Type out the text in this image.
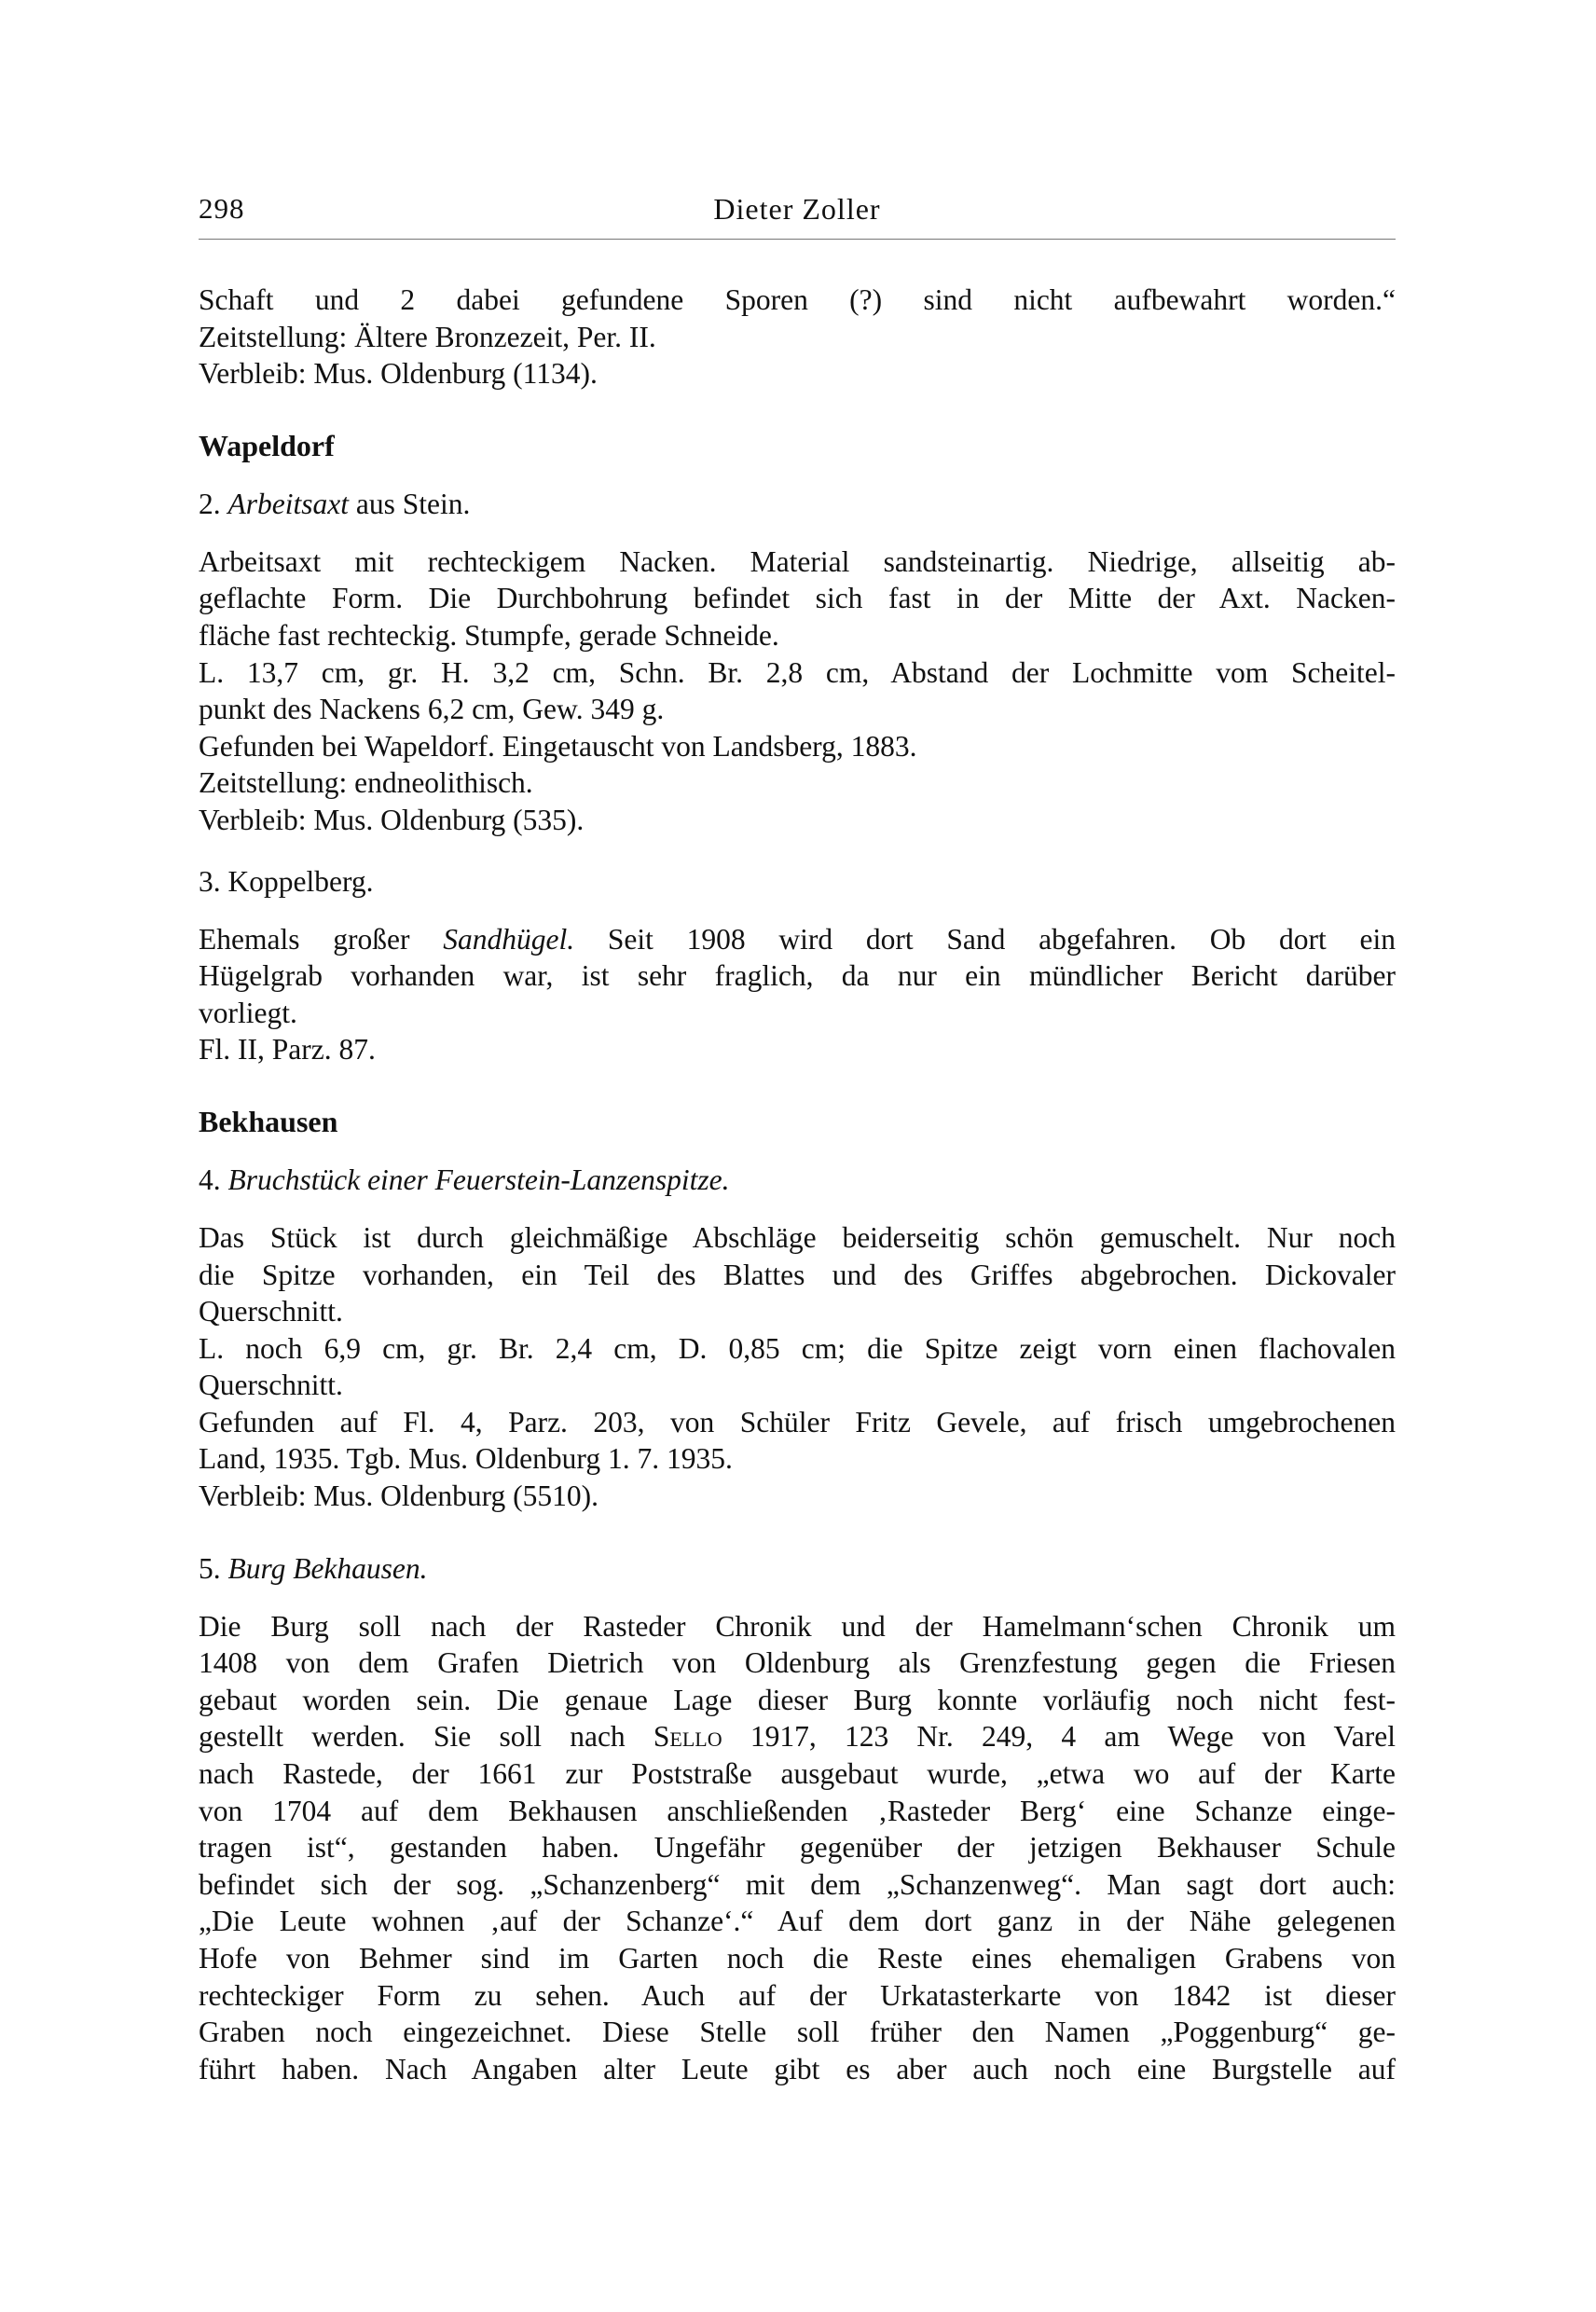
298	Dieter Zoller
Schaft und 2 dabei gefundene Sporen (?) sind nicht aufbewahrt worden.“
Zeitstellung: Ältere Bronzezeit, Per. II.
Verbleib: Mus. Oldenburg (1134).
Wapeldorf
2. Arbeitsaxt aus Stein.
Arbeitsaxt mit rechteckigem Nacken. Material sandsteinartig. Niedrige, allseitig ab-
geflachte Form. Die Durchbohrung befindet sich fast in der Mitte der Axt. Nacken-
fläche fast rechteckig. Stumpfe, gerade Schneide.
L. 13,7 cm, gr. H. 3,2 cm, Schn. Br. 2,8 cm, Abstand der Lochmitte vom Scheitel-
punkt des Nackens 6,2 cm, Gew. 349 g.
Gefunden bei Wapeldorf. Eingetauscht von Landsberg, 1883.
Zeitstellung: endneolithisch.
Verbleib: Mus. Oldenburg (535).
3. Koppelberg.
Ehemals großer Sandhügel. Seit 1908 wird dort Sand abgefahren. Ob dort ein
Hügelgrab vorhanden war, ist sehr fraglich, da nur ein mündlicher Bericht darüber
vorliegt.
Fl. II, Parz. 87.
Bekhausen
4. Bruchstück einer Feuerstein-Lanzenspitze.
Das Stück ist durch gleichmäßige Abschläge beiderseitig schön gemuschelt. Nur noch
die Spitze vorhanden, ein Teil des Blattes und des Griffes abgebrochen. Dickovaler
Querschnitt.
L. noch 6,9 cm, gr. Br. 2,4 cm, D. 0,85 cm; die Spitze zeigt vorn einen flachovalen
Querschnitt.
Gefunden auf Fl. 4, Parz. 203, von Schüler Fritz Gevele, auf frisch umgebrochenen
Land, 1935. Tgb. Mus. Oldenburg 1. 7. 1935.
Verbleib: Mus. Oldenburg (5510).
5. Burg Bekhausen.
Die Burg soll nach der Rasteder Chronik und der Hamelmann‘schen Chronik um
1408 von dem Grafen Dietrich von Oldenburg als Grenzfestung gegen die Friesen
gebaut worden sein. Die genaue Lage dieser Burg konnte vorläufig noch nicht fest-
gestellt werden. Sie soll nach Sello 1917, 123 Nr. 249, 4 am Wege von Varel
nach Rastede, der 1661 zur Poststraße ausgebaut wurde, „etwa wo auf der Karte
von 1704 auf dem Bekhausen anschließenden ‚Rasteder Berg‘ eine Schanze einge-
tragen ist“, gestanden haben. Ungefähr gegenüber der jetzigen Bekhauser Schule
befindet sich der sog. „Schanzenberg“ mit dem „Schanzenweg“. Man sagt dort auch:
„Die Leute wohnen ‚auf der Schanze‘.“ Auf dem dort ganz in der Nähe gelegenen
Hofe von Behmer sind im Garten noch die Reste eines ehemaligen Grabens von
rechteckiger Form zu sehen. Auch auf der Urkatasterkarte von 1842 ist dieser
Graben noch eingezeichnet. Diese Stelle soll früher den Namen „Poggenburg“ ge-
führt haben. Nach Angaben alter Leute gibt es aber auch noch eine Burgstelle auf
